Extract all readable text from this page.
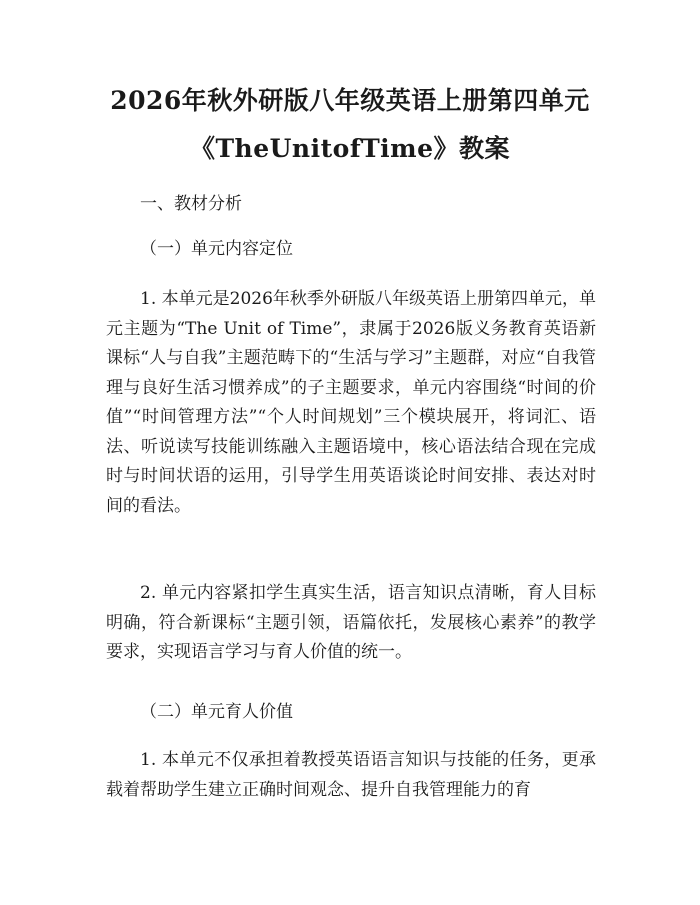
2026年秋外研版八年级英语上册第四单元
《TheUnitofTime》教案
一、教材分析
（一）单元内容定位

1. 本单元是2026年秋季外研版八年级英语上册第四单元，单元主题为“The Unit of Time”，隶属于2026版义务教育英语新课标“人与自我”主题范畴下的“生活与学习”主题群，对应“自我管理与良好生活习惯养成”的子主题要求，单元内容围绕“时间的价值”“时间管理方法”“个人时间规划”三个模块展开，将词汇、语法、听说读写技能训练融入主题语境中，核心语法结合现在完成时与时间状语的运用，引导学生用英语谈论时间安排、表达对时间的看法。

2. 单元内容紧扣学生真实生活，语言知识点清晰，育人目标明确，符合新课标“主题引领，语篇依托，发展核心素养”的教学要求，实现语言学习与育人价值的统一。

（二）单元育人价值

1. 本单元不仅承担着教授英语语言知识与技能的任务，更承载着帮助学生建立正确时间观念、提升自我管理能力的育
